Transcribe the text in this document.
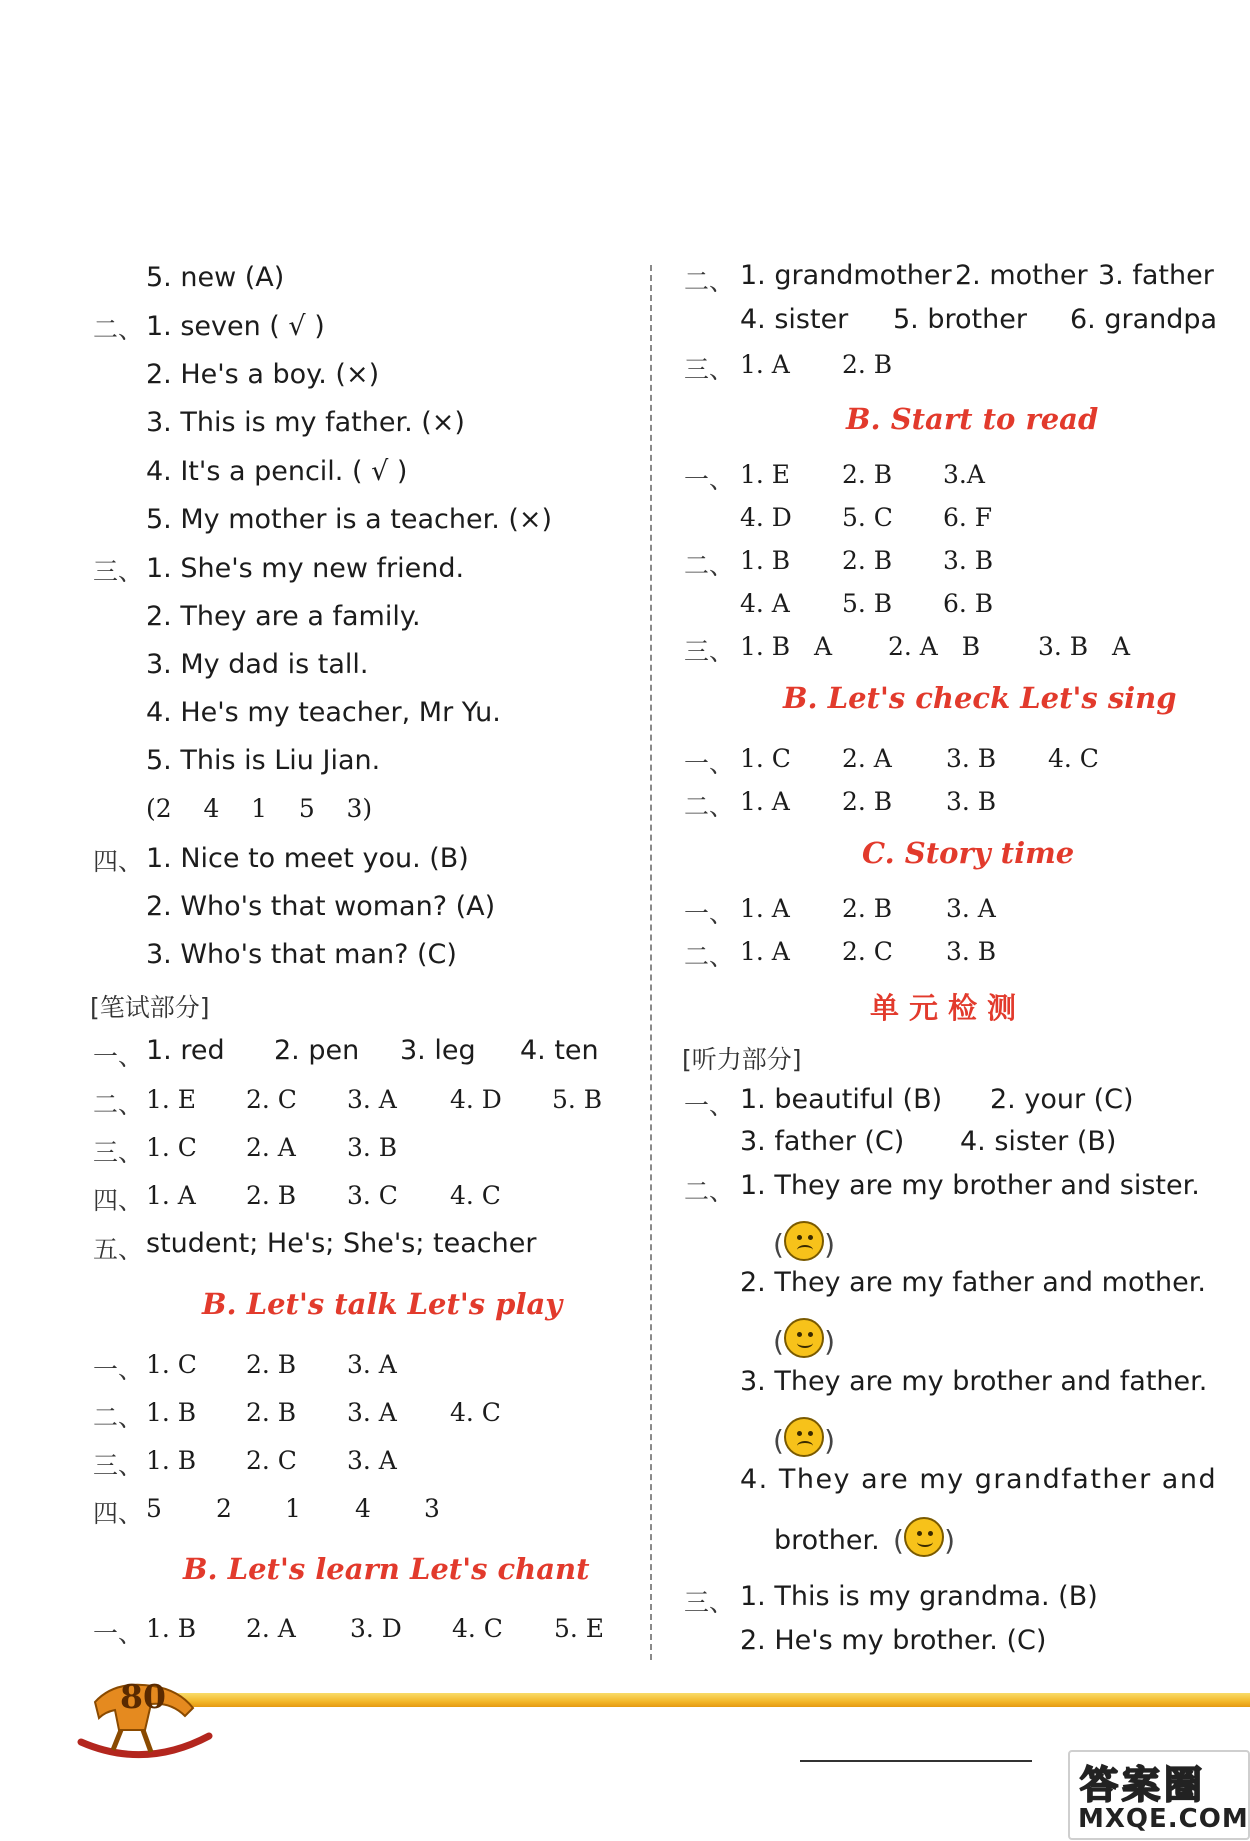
5. new (A)
二、 1. seven ( √ )
2. He's a boy. (×)
3. This is my father. (×)
4. It's a pencil. ( √ )
5. My mother is a teacher. (×)
三、 1. She's my new friend.
2. They are a family.
3. My dad is tall.
4. He's my teacher, Mr Yu.
5. This is Liu Jian.
(2    4    1    5    3)
四、 1. Nice to meet you. (B)
2. Who's that woman? (A)
3. Who's that man? (C)
[笔试部分]
一、 1. red 2. pen 3. leg 4. ten
二、 1. E 2. C 3. A 4. D 5. B
三、 1. C 2. A 3. B
四、 1. A 2. B 3. C 4. C
五、 student; He's; She's; teacher
B. Let's talk Let's play
一、 1. C 2. B 3. A
二、 1. B 2. B 3. A 4. C
三、 1. B 2. C 3. A
四、 5 2 1 4 3
B. Let's learn Let's chant
一、 1. B 2. A 3. D 4. C 5. E
二、 1. grandmother 2. mother 3. father
4. sister 5. brother 6. grandpa
三、 1. A 2. B
B. Start to read
一、 1. E 2. B 3.A
4. D 5. C 6. F
二、 1. B 2. B 3. B
4. A 5. B 6. B
三、 1. B   A 2. A   B 3. B   A
B. Let's check Let's sing
一、 1. C 2. A 3. B 4. C
二、 1. A 2. B 3. B
C. Story time
一、 1. A 2. B 3. A
二、 1. A 2. C 3. B
单元检测
[听力部分]
一、 1. beautiful (B) 2. your (C)
3. father (C) 4. sister (B)
二、 1. They are my brother and sister.
( )
2. They are my father and mother.
( )
3. They are my brother and father.
( )
4. They are my grandfather and
brother. ( )
三、 1. This is my grandma. (B)
2. He's my brother. (C)
80
答案圈
MXQE.COM
